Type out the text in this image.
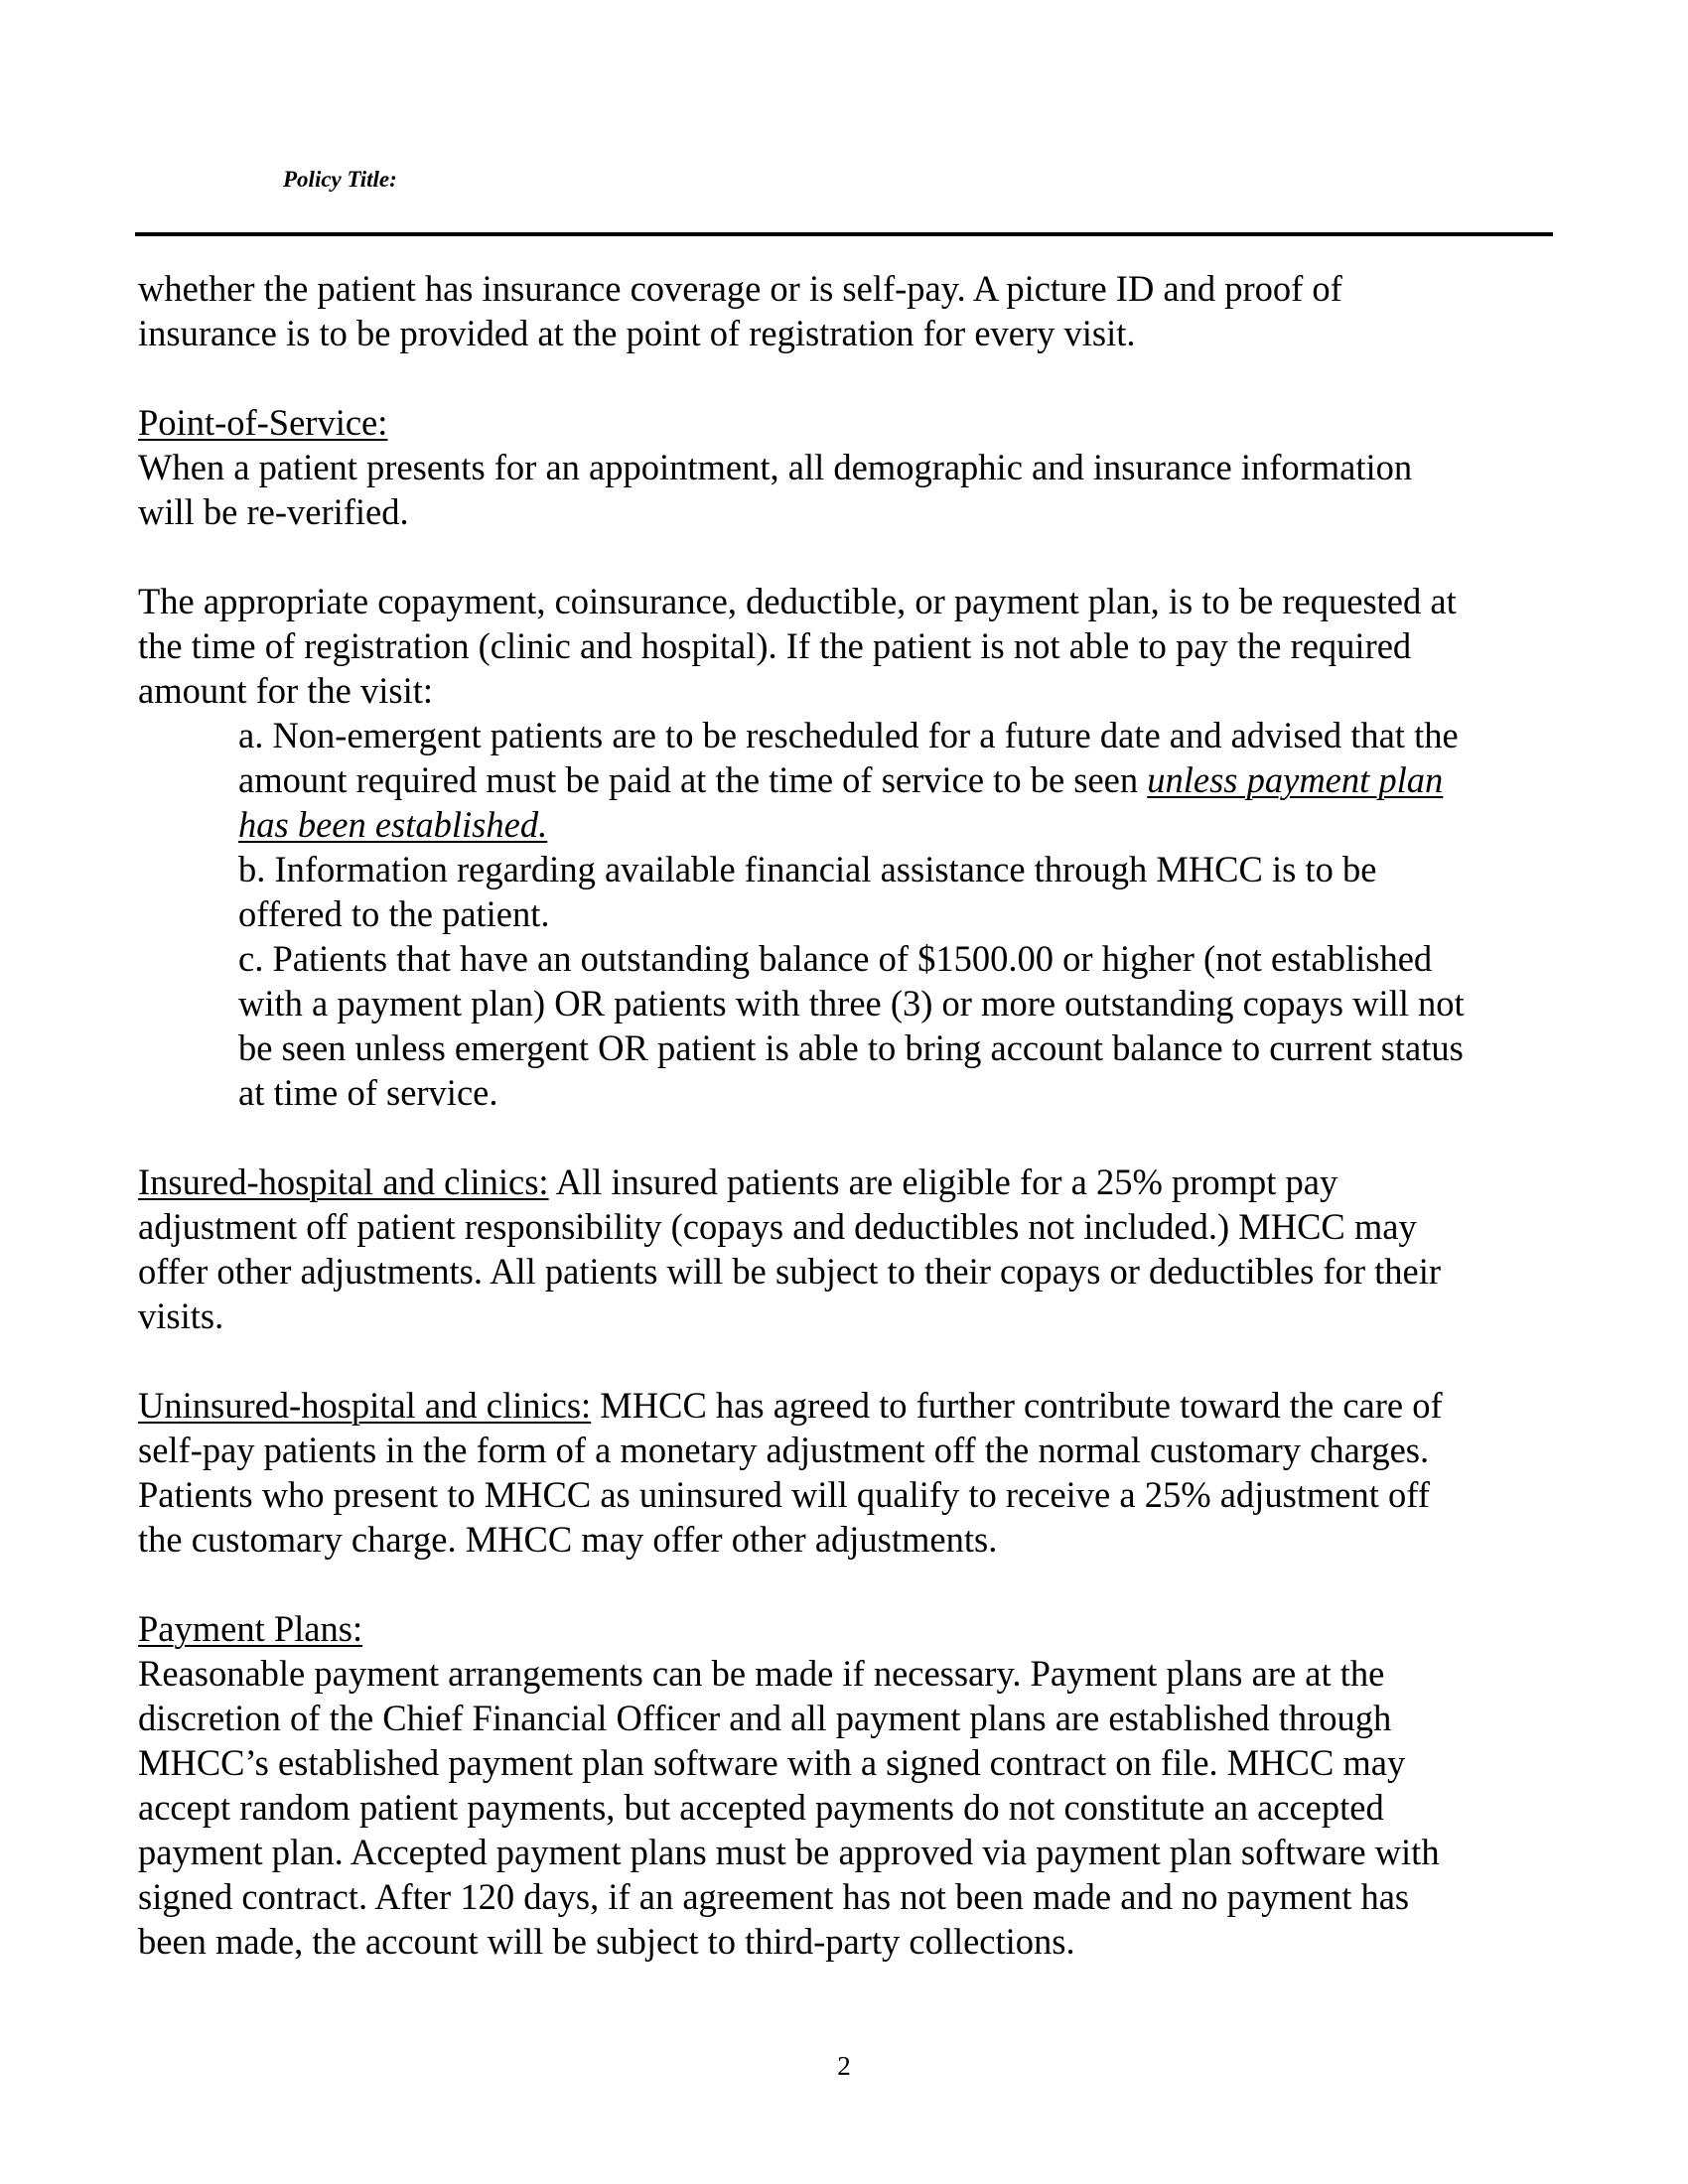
Policy Title:

whether the patient has insurance coverage or is self-pay. A picture ID and proof of

insurance is to be provided at the point of registration for every visit.

Point-of-Service:

When a patient presents for an appointment, all demographic and insurance information

will be re-verified.

The appropriate copayment, coinsurance, deductible, or payment plan, is to be requested at

the time of registration (clinic and hospital). If the patient is not able to pay the required

amount for the visit:

a. Non-emergent patients are to be rescheduled for a future date and advised that the

amount required must be paid at the time of service to be seen unless payment plan

has been established.

b. Information regarding available financial assistance through MHCC is to be

offered to the patient.

c. Patients that have an outstanding balance of $1500.00 or higher (not established

with a payment plan) OR patients with three (3) or more outstanding copays will not

be seen unless emergent OR patient is able to bring account balance to current status

at time of service.

Insured-hospital and clinics: All insured patients are eligible for a 25% prompt pay

adjustment off patient responsibility (copays and deductibles not included.) MHCC may

offer other adjustments. All patients will be subject to their copays or deductibles for their

visits.

Uninsured-hospital and clinics: MHCC has agreed to further contribute toward the care of

self-pay patients in the form of a monetary adjustment off the normal customary charges.

Patients who present to MHCC as uninsured will qualify to receive a 25% adjustment off

the customary charge. MHCC may offer other adjustments.

Payment Plans:

Reasonable payment arrangements can be made if necessary. Payment plans are at the

discretion of the Chief Financial Officer and all payment plans are established through

MHCC’s established payment plan software with a signed contract on file. MHCC may

accept random patient payments, but accepted payments do not constitute an accepted

payment plan. Accepted payment plans must be approved via payment plan software with

signed contract. After 120 days, if an agreement has not been made and no payment has

been made, the account will be subject to third-party collections.

2
